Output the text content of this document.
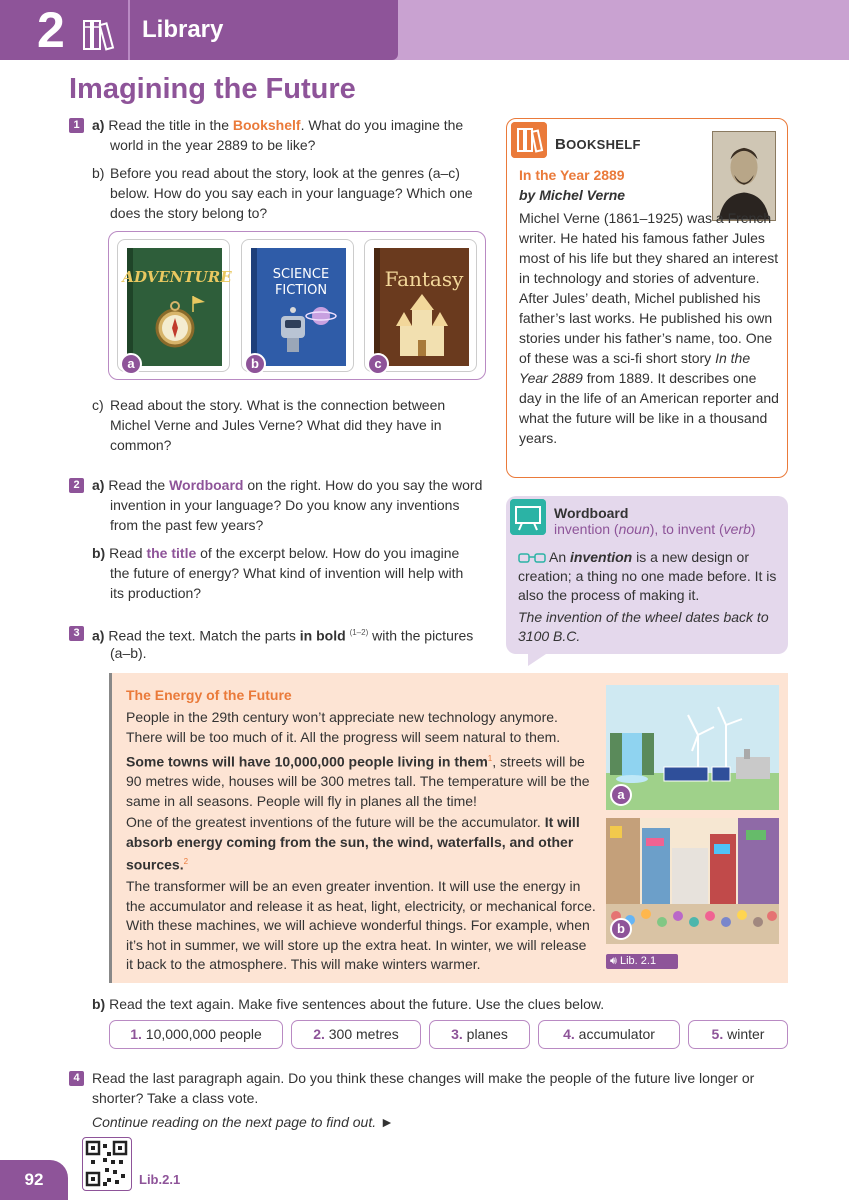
2	Library
Imagining the Future
1 a) Read the title in the Bookshelf. What do you imagine the
world in the year 2889 to be like?
b) Before you read about the story, look at the genres (a–c)
below. How do you say each in your language? Which one
does the story belong to?
ADVENTURE
a
SCIENCE
FICTION
b
Fantasy
c
c) Read about the story. What is the connection between
Michel Verne and Jules Verne? What did they have in
common?
BOOKSHELF
In the Year 2889
by Michel Verne
Michel Verne (1861–1925) was a French writer. He hated his famous father Jules most of his life but they shared an interest in technology and stories of adventure. After Jules’ death, Michel published his father’s last works. He published his own stories under his father’s name, too. One of these was a sci-fi short story In the Year 2889 from 1889. It describes one day in the life of an American reporter and what the future will be like in a thousand years.
2 a) Read the Wordboard on the right. How do you say the word
invention in your language? Do you know any inventions
from the past few years?
b) Read the title of the excerpt below. How do you imagine
the future of energy? What kind of invention will help with
its production?
Wordboard
invention (noun), to invent (verb)
An invention is a new design or creation; a thing no one made before. It is also the process of making it.
The invention of the wheel dates back to 3100 B.C.
3 a) Read the text. Match the parts in bold $^{(1-2)}$ with the pictures
(a–b).
The Energy of the Future

People in the 29th century won’t appreciate new technology anymore. There will be too much of it. All the progress will seem natural to them.

Some towns will have 10,000,000 people living in them$^1$, streets will be 90 metres wide, houses will be 300 metres tall. The temperature will be the same in all seasons. People will fly in planes all the time!

One of the greatest inventions of the future will be the accumulator. It will absorb energy coming from the sun, the wind, waterfalls, and other sources.$^2$

The transformer will be an even greater invention. It will use the energy in the accumulator and release it as heat, light, electricity, or mechanical force. With these machines, we will achieve wonderful things. For example, when it’s hot in summer, we will store up the extra heat. In winter, we will release it back to the atmosphere. This will make winters warmer.

a
b
🔊︎ Lib. 2.1
b) Read the text again. Make five sentences about the future. Use the clues below.
1. 10,000,000 people	2. 300 metres	3. planes	4. accumulator	5. winter
4 Read the last paragraph again. Do you think these changes will make the people of the future live longer or
shorter? Take a class vote.
Continue reading on the next page to find out. ►
92	Lib.2.1
